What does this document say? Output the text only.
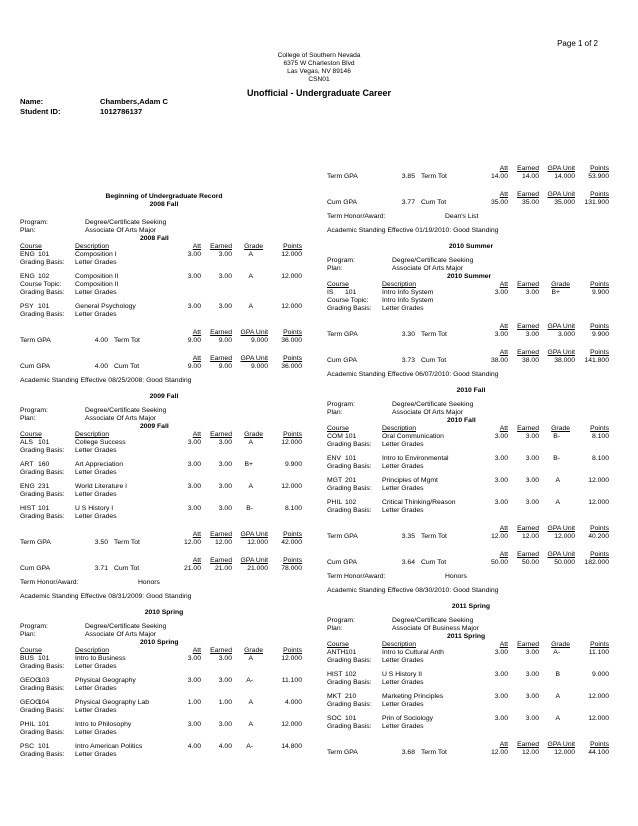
Page 1 of 2
College of Southern Nevada
6375 W Charleston Blvd
Las Vegas, NV 89146
CSN01
Unofficial - Undergraduate Career
Name:	Chambers,Adam C
Student ID:	1012786137
Beginning of Undergraduate Record
2008 Fall
Program:	Degree/Certificate Seeking
Plan:	Associate Of Arts Major
2008 Fall
Course	Description	Att Earned Grade	Points
ENG 101	Composition I	3.00	3.00 A	12.000
Grading Basis: Letter Grades
ENG 102	Composition II	3.00	3.00 A	12.000
Course Topic: Composition II
Grading Basis: Letter Grades
PSY 101	General Psychology	3.00	3.00 A	12.000
Grading Basis: Letter Grades
Att Earned GPA Unit Points
Term GPA	4.00 Term Tot	9.00	9.00	9.000 36.000
Att Earned GPA Unit Points
Cum GPA	4.00 Cum Tot	9.00	9.00	9.000 36.000
Academic Standing Effective 08/25/2008: Good Standing
2009 Fall
Program:	Degree/Certificate Seeking
Plan:	Associate Of Arts Major
2009 Fall
Course	Description	Att Earned Grade	Points
ALS 101	College Success	3.00	3.00 A	12.000
Grading Basis: Letter Grades
ART 160	Art Appreciation	3.00	3.00 B+	9.900
Grading Basis: Letter Grades
ENG 231	World Literature I	3.00	3.00 A	12.000
Grading Basis: Letter Grades
HIST 101	U S History I	3.00	3.00 B-	8.100
Grading Basis: Letter Grades
Att Earned GPA Unit Points
Term GPA	3.50 Term Tot	12.00 12.00 12.000 42.000
Att Earned GPA Unit Points
Cum GPA	3.71 Cum Tot	21.00 21.00 21.000 78.000
Term Honor/Award:	Honors
Academic Standing Effective 08/31/2009: Good Standing
2010 Spring
Program:	Degree/Certificate Seeking
Plan:	Associate Of Arts Major
2010 Spring
Course	Description	Att Earned Grade	Points
BUS 101	Intro to Business	3.00	3.00 A	12.000
Grading Basis: Letter Grades
GEOG
103	Physical Geography	3.00	3.00 A-	11.100
Grading Basis: Letter Grades
GEOG
104	Physical Geography Lab	1.00	1.00 A	4.000
Grading Basis: Letter Grades
PHIL 101	Intro to Philosophy	3.00	3.00 A	12.000
Grading Basis: Letter Grades
PSC 101	Intro American Politics	4.00	4.00 A-	14.800
Grading Basis: Letter Grades
Att Earned GPA Unit Points
Term GPA	3.85 Term Tot	14.00 14.00 14.000 53.900
Att Earned GPA Unit Points
Cum GPA	3.77 Cum Tot	35.00 35.00 35.000 131.900
Term Honor/Award:	Dean's List
Academic Standing Effective 01/19/2010: Good Standing
2010 Summer
Program:	Degree/Certificate Seeking
Plan:	Associate Of Arts Major
2010 Summer
Course	Description	Att Earned Grade	Points
IS 101	Intro Info System	3.00	3.00 B+	9.900
Course Topic: Intro Info System
Grading Basis: Letter Grades
Att Earned GPA Unit Points
Term GPA	3.30 Term Tot	3.00	3.00	3.000 9.900
Att Earned GPA Unit Points
Cum GPA	3.73 Cum Tot	38.00 38.00 38.000 141.800
Academic Standing Effective 06/07/2010: Good Standing
2010 Fall
Program:	Degree/Certificate Seeking
Plan:	Associate Of Arts Major
2010 Fall
Course	Description	Att Earned Grade	Points
COM 101	Oral Communication	3.00	3.00 B-	8.100
Grading Basis: Letter Grades
ENV 101	Intro to Environmental	3.00	3.00 B-	8.100
Grading Basis: Letter Grades
MGT 201	Principles of Mgmt	3.00	3.00 A	12.000
Grading Basis: Letter Grades
PHIL 102	Critical Thinking/Reason	3.00	3.00 A	12.000
Grading Basis: Letter Grades
Att Earned GPA Unit Points
Term GPA	3.35 Term Tot	12.00 12.00 12.000 40.200
Att Earned GPA Unit Points
Cum GPA	3.64 Cum Tot	50.00 50.00 50.000 182.000
Term Honor/Award:	Honors
Academic Standing Effective 08/30/2010: Good Standing
2011 Spring
Program:	Degree/Certificate Seeking
Plan:	Associate Of Business Major
2011 Spring
Course	Description	Att Earned Grade	Points
ANTH 101	Intro to Cultural Anth	3.00	3.00 A-	11.100
Grading Basis: Letter Grades
HIST 102	U S History II	3.00	3.00 B	9.000
Grading Basis: Letter Grades
MKT 210	Marketing Principles	3.00	3.00 A	12.000
Grading Basis: Letter Grades
SOC 101	Prin of Sociology	3.00	3.00 A	12.000
Grading Basis: Letter Grades
Att Earned GPA Unit Points
Term GPA	3.68 Term Tot	12.00 12.00 12.000 44.100
